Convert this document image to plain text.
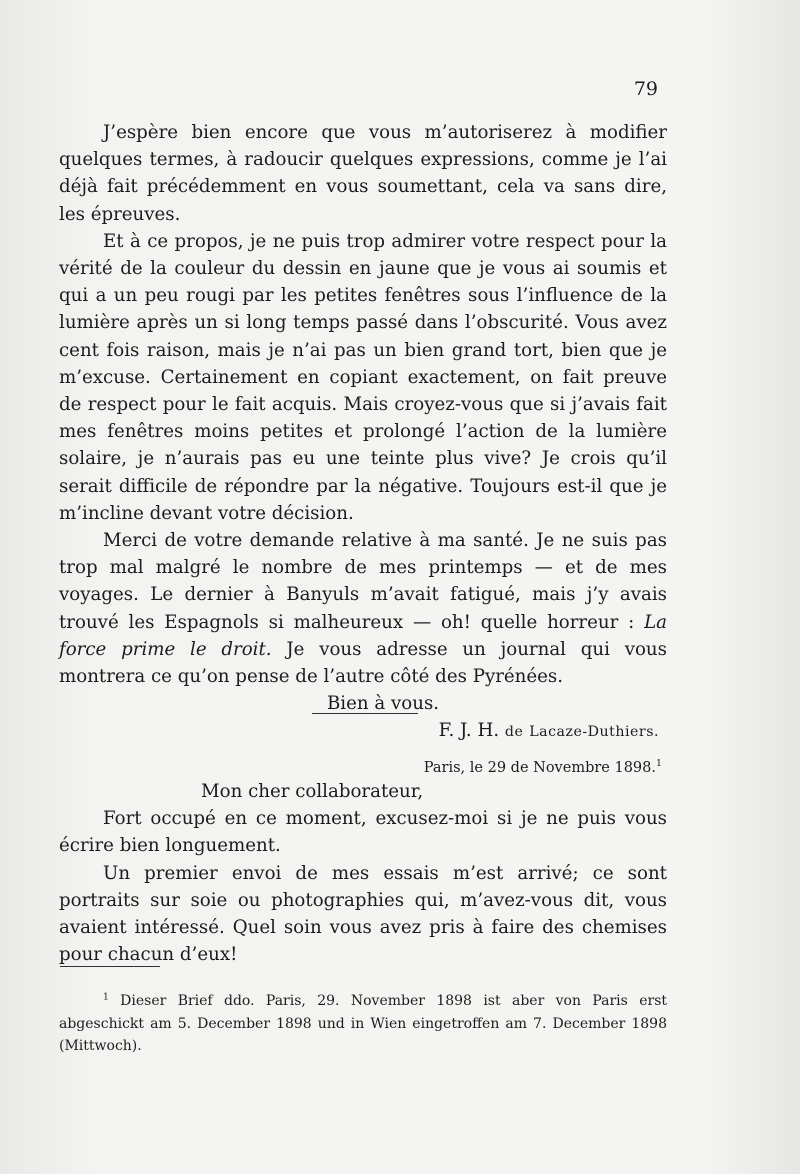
79

J’espère bien encore que vous m’autoriserez à modifier quelques termes, à radoucir quelques expressions, comme je l’ai déjà fait précédemment en vous soumettant, cela va sans dire, les épreuves.

Et à ce propos, je ne puis trop admirer votre respect pour la vérité de la couleur du dessin en jaune que je vous ai soumis et qui a un peu rougi par les petites fenêtres sous l’influence de la lumière après un si long temps passé dans l’obscurité. Vous avez cent fois raison, mais je n’ai pas un bien grand tort, bien que je m’excuse. Certainement en copiant exactement, on fait preuve de respect pour le fait acquis. Mais croyez-vous que si j’avais fait mes fenêtres moins petites et prolongé l’action de la lumière solaire, je n’aurais pas eu une teinte plus vive? Je crois qu’il serait difficile de répondre par la négative. Toujours est-il que je m’incline devant votre décision.

Merci de votre demande relative à ma santé. Je ne suis pas trop mal malgré le nombre de mes printemps — et de mes voyages. Le dernier à Banyuls m’avait fatigué, mais j’y avais trouvé les Espagnols si malheureux — oh! quelle horreur : La force prime le droit. Je vous adresse un journal qui vous montrera ce qu’on pense de l’autre côté des Pyrénées.

Bien à vous.

F. J. H. de Lacaze-Duthiers.

Paris, le 29 de Novembre 1898.$^1$

Mon cher collaborateur,

Fort occupé en ce moment, excusez-moi si je ne puis vous écrire bien longuement.

Un premier envoi de mes essais m’est arrivé; ce sont portraits sur soie ou photographies qui, m’avez-vous dit, vous avaient intéressé. Quel soin vous avez pris à faire des chemises pour chacun d’eux!

$^1$ Dieser Brief ddo. Paris, 29. November 1898 ist aber von Paris erst abgeschickt am 5. December 1898 und in Wien eingetroffen am 7. December 1898 (Mittwoch).
